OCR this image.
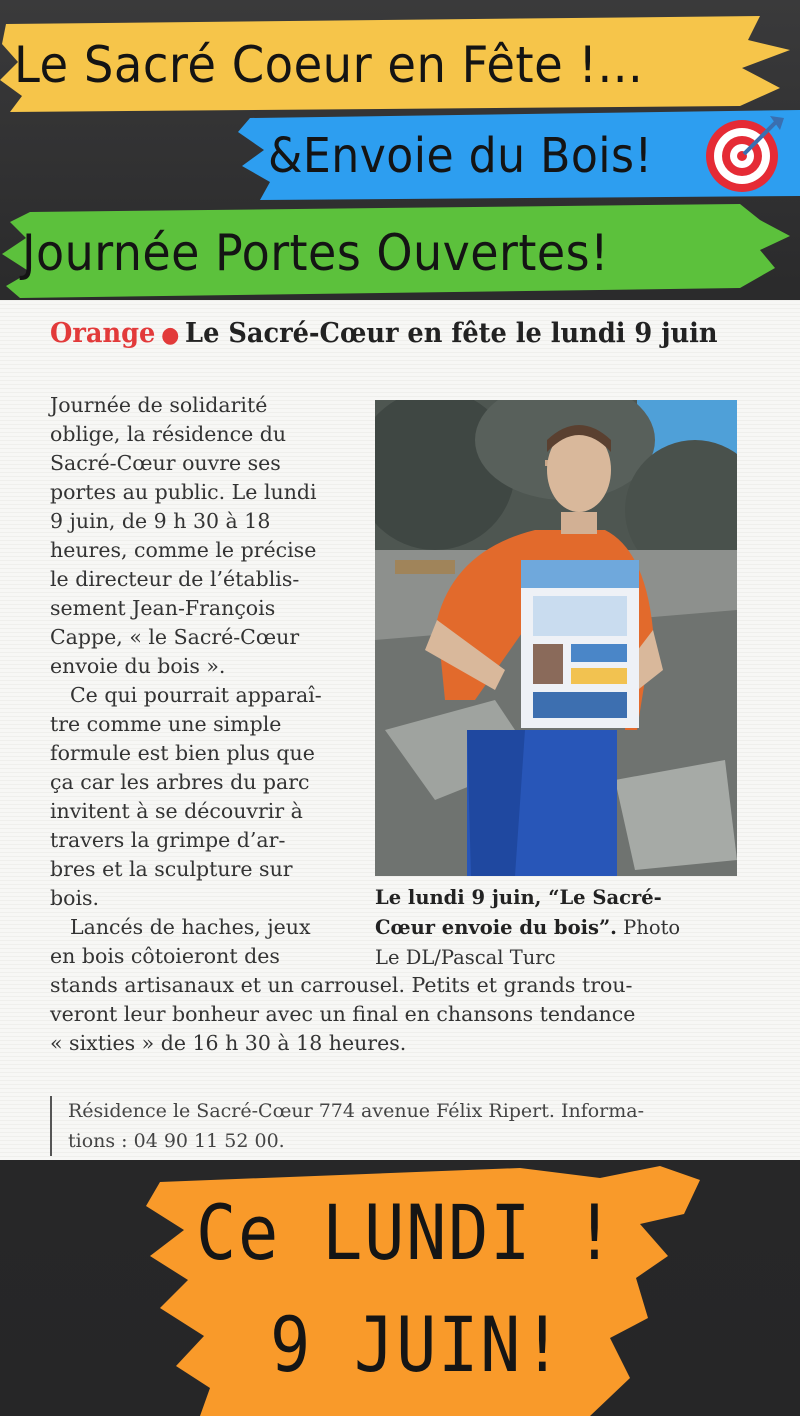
Le Sacré Coeur en Fête !...
&Envoie du Bois!
Journée Portes Ouvertes!
Orange ● Le Sacré-Cœur en fête le lundi 9 juin
Journée de solidarité
oblige, la résidence du
Sacré-Cœur ouvre ses
portes au public. Le lundi
9 juin, de 9 h 30 à 18
heures, comme le précise
le directeur de l’établis-
sement Jean-François
Cappe, « le Sacré-Cœur
envoie du bois ».
Ce qui pourrait apparaî-
tre comme une simple
formule est bien plus que
ça car les arbres du parc
invitent à se découvrir à
travers la grimpe d’ar-
bres et la sculpture sur
bois.
Lancés de haches, jeux
en bois côtoieront des
stands artisanaux et un carrousel. Petits et grands trou-
veront leur bonheur avec un final en chansons tendance
« sixties » de 16 h 30 à 18 heures.
Le lundi 9 juin, “Le Sacré-
Cœur envoie du bois”. Photo
Le DL/Pascal Turc
Résidence le Sacré-Cœur 774 avenue Félix Ripert. Informa-
tions : 04 90 11 52 00.
Ce LUNDI !
9 JUIN!
